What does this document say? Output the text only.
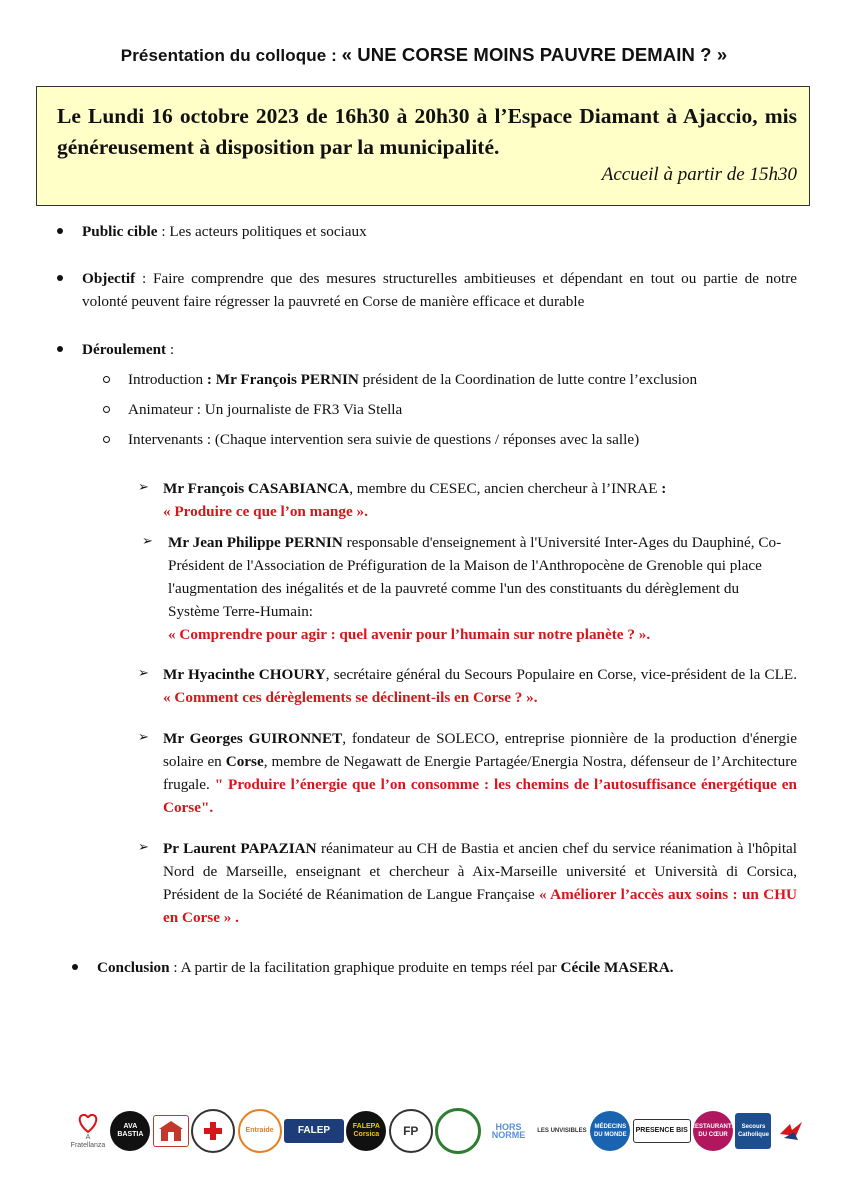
Présentation du colloque : « UNE CORSE MOINS PAUVRE DEMAIN ? »
Le Lundi 16 octobre 2023 de 16h30 à 20h30 à l’Espace Diamant à Ajaccio, mis généreusement à disposition par la municipalité.
Accueil à partir de 15h30
Public cible : Les acteurs politiques et sociaux
Objectif : Faire comprendre que des mesures structurelles ambitieuses et dépendant en tout ou partie de notre volonté peuvent faire régresser la pauvreté en Corse de manière efficace et durable
Déroulement :
Introduction : Mr François PERNIN président de la Coordination de lutte contre l’exclusion
Animateur : Un journaliste de FR3 Via Stella
Intervenants : (Chaque intervention sera suivie de questions / réponses avec la salle)
➢ Mr François CASABIANCA, membre du CESEC, ancien chercheur à l’INRAE :
« Produire ce que l’on mange ».
➢ Mr Jean Philippe PERNIN responsable d'enseignement à l'Université Inter-Ages du Dauphiné, Co-Président de l'Association de Préfiguration de la Maison de l'Anthropocène de Grenoble qui place l'augmentation des inégalités et de la pauvreté comme l'un des constituants du dérèglement du Système Terre-Humain:
« Comprendre pour agir : quel avenir pour l’humain sur notre planète ? ».
➢ Mr Hyacinthe CHOURY, secrétaire général du Secours Populaire en Corse, vice-président de la CLE. « Comment ces dérèglements se déclinent-ils en Corse ? ».
➢ Mr Georges GUIRONNET, fondateur de SOLECO, entreprise pionnière de la production d'énergie solaire en Corse, membre de Negawatt de Energie Partagée/Energia Nostra, défenseur de l’Architecture frugale. " Produire l’énergie que l’on consomme : les chemins de l’autosuffisance énergétique en Corse".
➢ Pr Laurent PAPAZIAN réanimateur au CH de Bastia et ancien chef du service réanimation à l'hôpital Nord de Marseille, enseignant et chercheur à Aix-Marseille université et Università di Corsica, Président de la Société de Réanimation de Langue Française « Améliorer l’accès aux soins : un CHU en Corse » .
Conclusion : A partir de la facilitation graphique produite en temps réel par Cécile MASERA.
A Fratellanza
AVA BASTIA
Entraide FALEP	FALEPA Corsica	FP	HORS NORME	LES UNVISIBLES
MÉDECINS DU MONDE
PRESENCE BIS RESTAURANTS DU CŒUR
Secours Catholique
